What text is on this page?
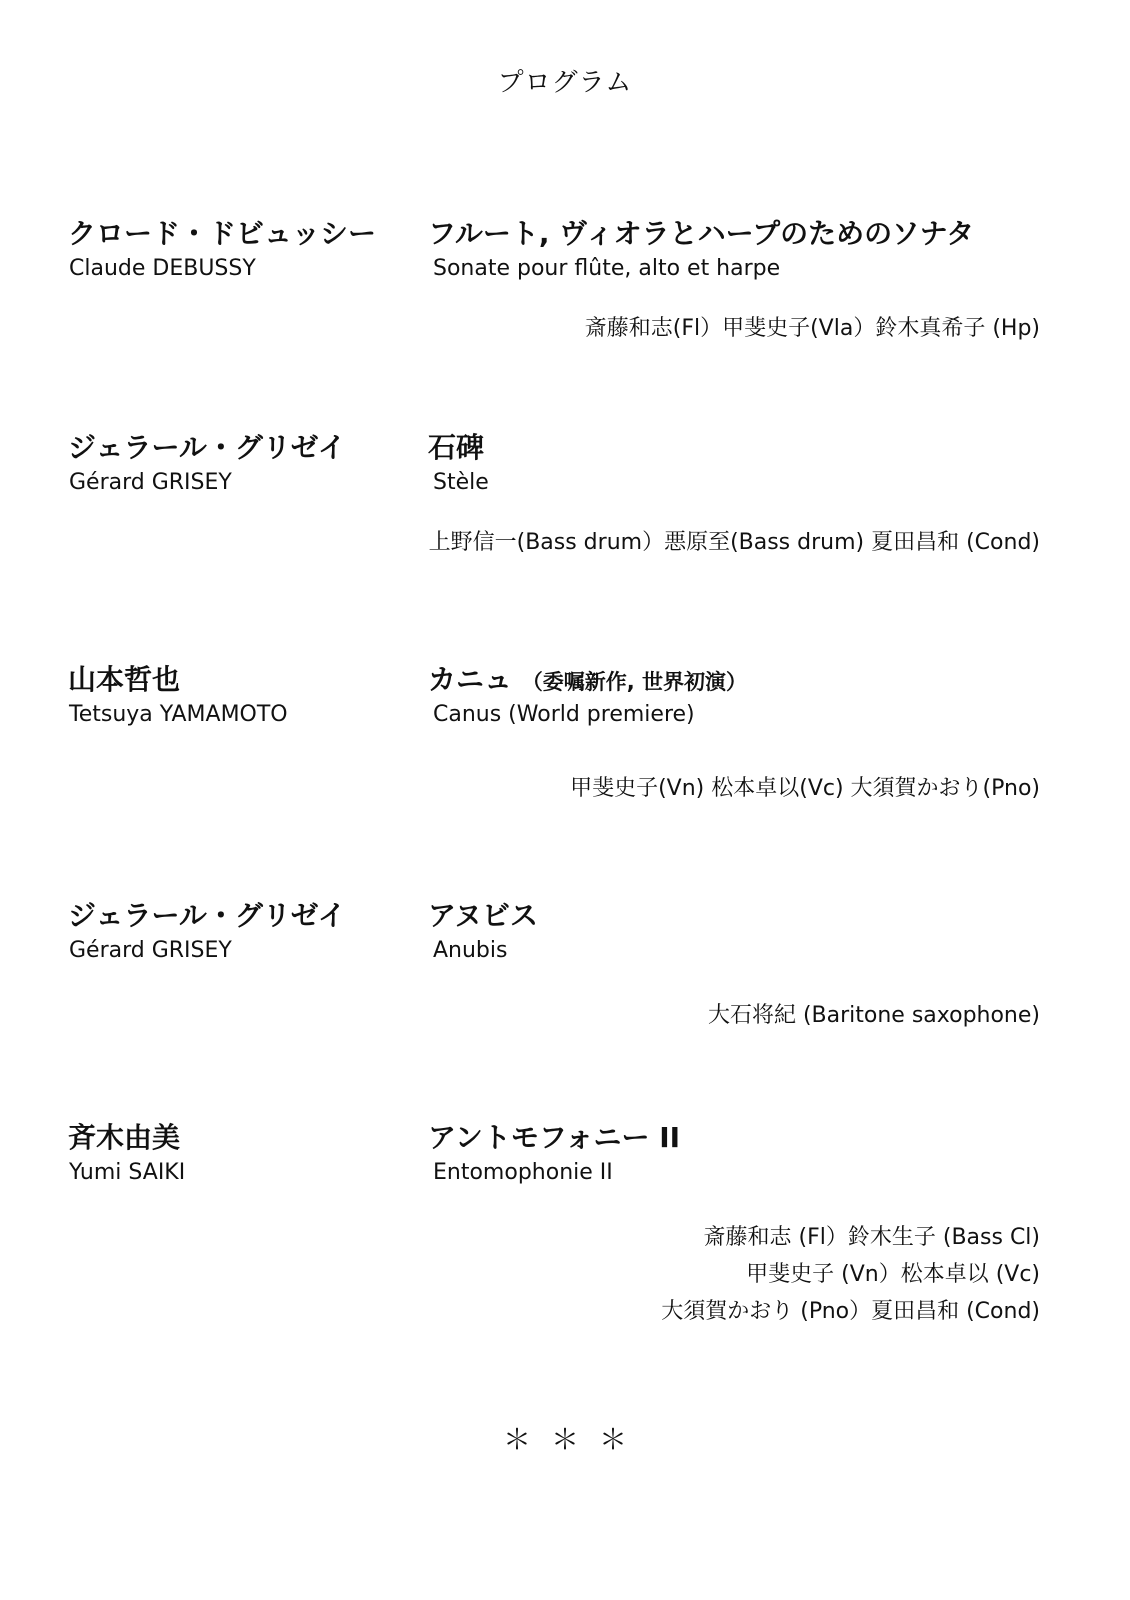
プログラム
クロード・ドビュッシー
Claude DEBUSSY
フルート, ヴィオラとハープのためのソナタ
Sonate pour flûte, alto et harpe
斎藤和志(Fl）甲斐史子(Vla）鈴木真希子 (Hp)
ジェラール・グリゼイ
Gérard GRISEY
石碑
Stèle
上野信一(Bass drum）悪原至(Bass drum) 夏田昌和 (Cond)
山本哲也
Tetsuya YAMAMOTO
カニュ （委嘱新作, 世界初演）
Canus (World premiere)
甲斐史子(Vn) 松本卓以(Vc) 大須賀かおり(Pno)
ジェラール・グリゼイ
Gérard GRISEY
アヌビス
Anubis
大石将紀 (Baritone saxophone)
斉木由美
Yumi SAIKI
アントモフォニー II
Entomophonie II
斎藤和志 (Fl）鈴木生子 (Bass Cl)
甲斐史子 (Vn）松本卓以 (Vc)
大須賀かおり (Pno）夏田昌和 (Cond)
＊＊＊
